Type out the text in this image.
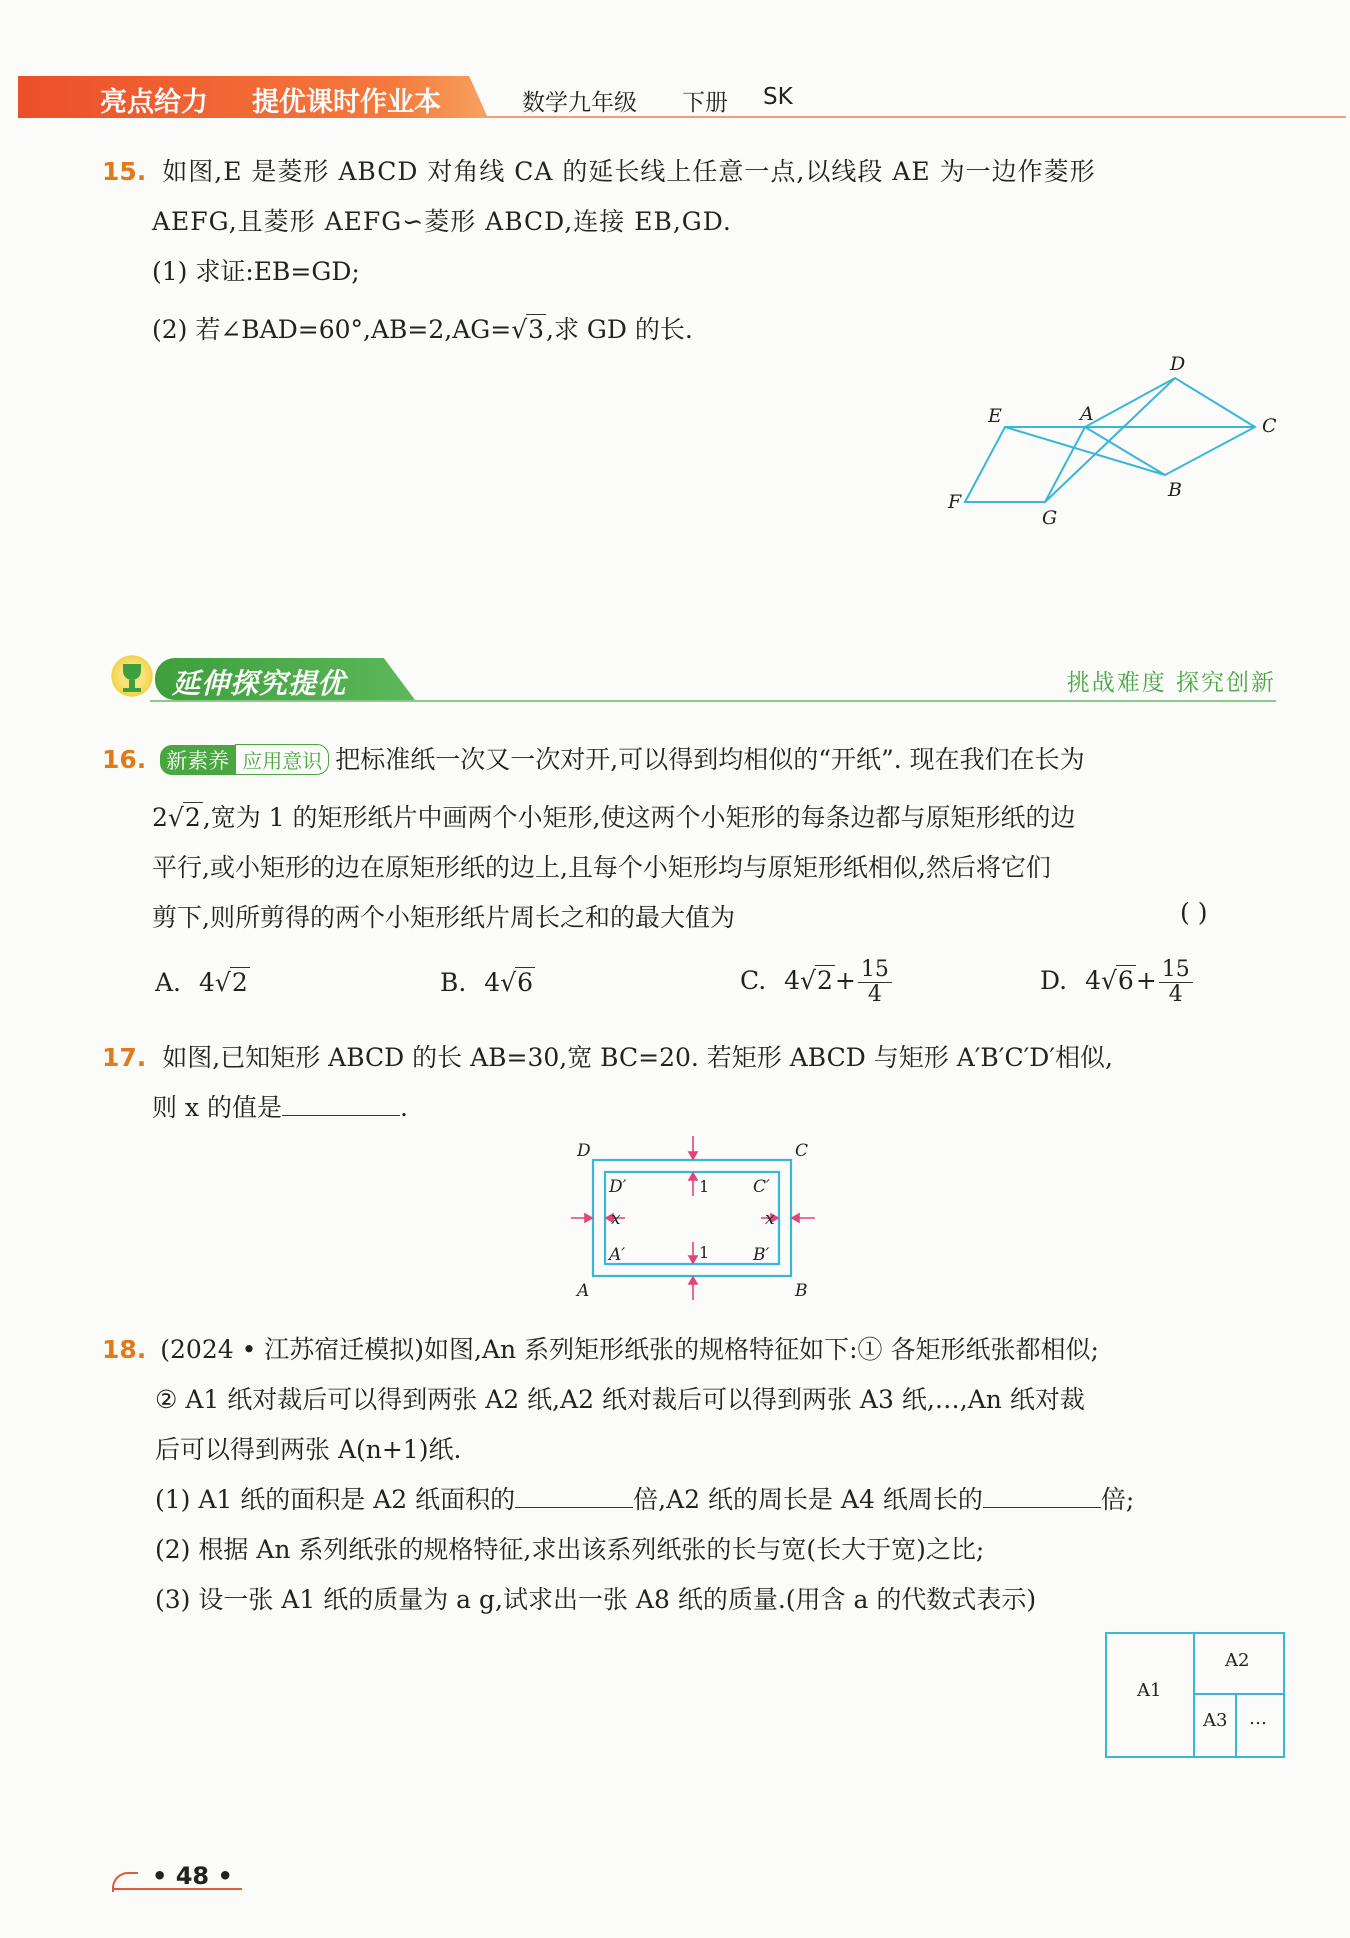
亮点给力 提优课时作业本	数学九年级 下册 SK
15. 如图,E 是菱形 ABCD 对角线 CA 的延长线上任意一点,以线段 AE 为一边作菱形
AEFG,且菱形 AEFG∽菱形 ABCD,连接 EB,GD.
(1) 求证:EB=GD;
(2) 若∠BAD=60°,AB=2,AG=√3,求 GD 的长.
D
E	A
C
B
F
G
延伸探究提优	挑战难度 探究创新
16. 新素养 应用意识 把标准纸一次又一次对开,可以得到均相似的“开纸”. 现在我们在长为
2√2,宽为 1 的矩形纸片中画两个小矩形,使这两个小矩形的每条边都与原矩形纸的边
平行,或小矩形的边在原矩形纸的边上,且每个小矩形均与原矩形纸相似,然后将它们
剪下,则所剪得的两个小矩形纸片周长之和的最大值为	( )
A. 4√2	B. 4√6	C. $4√2+ \frac{15}{4}$	D. $4√6+ \frac{15}{4}$
17. 如图,已知矩形 ABCD 的长 AB=30,宽 BC=20. 若矩形 ABCD 与矩形 A′B′C′D′相似,
则 x 的值是	.
D	C
A	B
D′	C′
A′	B′
x	x
1
1
18. (2024 • 江苏宿迁模拟)如图,An 系列矩形纸张的规格特征如下:① 各矩形纸张都相似;
② A1 纸对裁后可以得到两张 A2 纸,A2 纸对裁后可以得到两张 A3 纸,…,An 纸对裁
后可以得到两张 A(n+1)纸.
(1) A1 纸的面积是 A2 纸面积的	倍,A2 纸的周长是 A4 纸周长的	倍;
(2) 根据 An 系列纸张的规格特征,求出该系列纸张的长与宽(长大于宽)之比;
(3) 设一张 A1 纸的质量为 a g,试求出一张 A8 纸的质量.(用含 a 的代数式表示)
A1
A2
A3 …
• 48 •
